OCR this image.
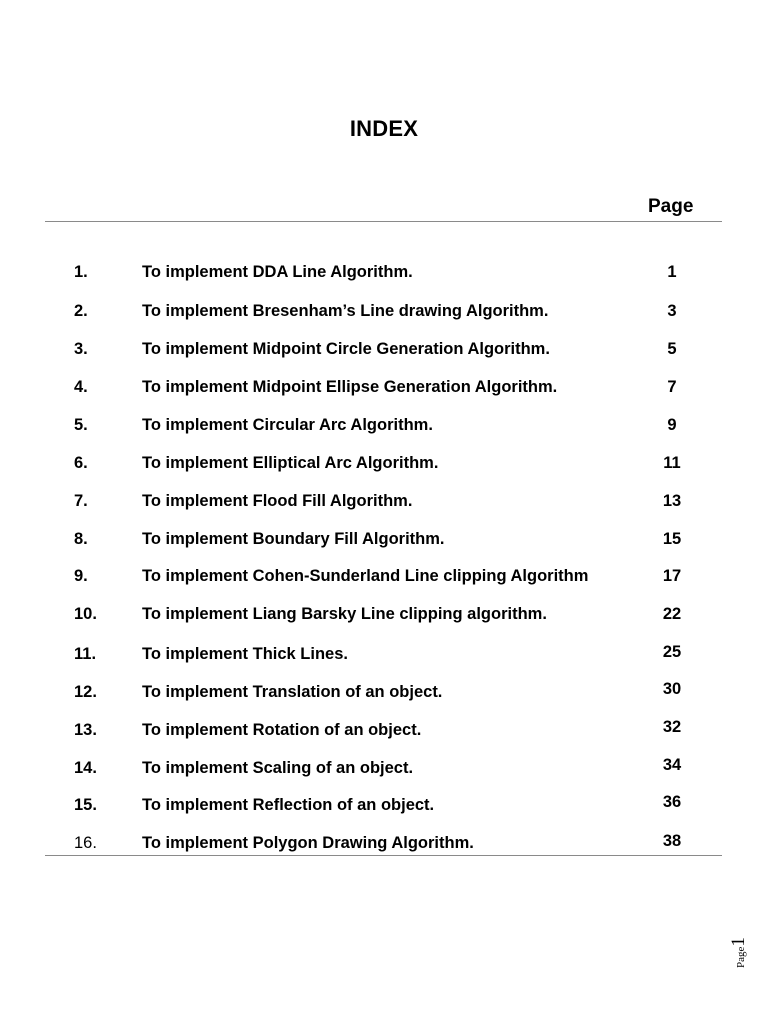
INDEX
Page
1.	To implement DDA Line Algorithm.	1
2.	To implement Bresenham’s Line drawing Algorithm.	3
3.	To implement Midpoint Circle Generation Algorithm.	5
4.	To implement Midpoint Ellipse Generation Algorithm.	7
5.	To implement Circular Arc Algorithm.	9
6.	To implement Elliptical Arc Algorithm.	11
7.	To implement Flood Fill Algorithm.	13
8.	To implement Boundary Fill Algorithm.	15
9.	To implement Cohen-Sunderland Line clipping Algorithm	17
10.	To implement Liang Barsky Line clipping algorithm.	22
11.	To implement Thick Lines.	25
12.	To implement Translation of an object.	30
13.	To implement Rotation of an object.	32
14.	To implement Scaling of an object.	34
15.	To implement Reflection of an object.	36
16.	To implement Polygon Drawing Algorithm.	38
Page1
